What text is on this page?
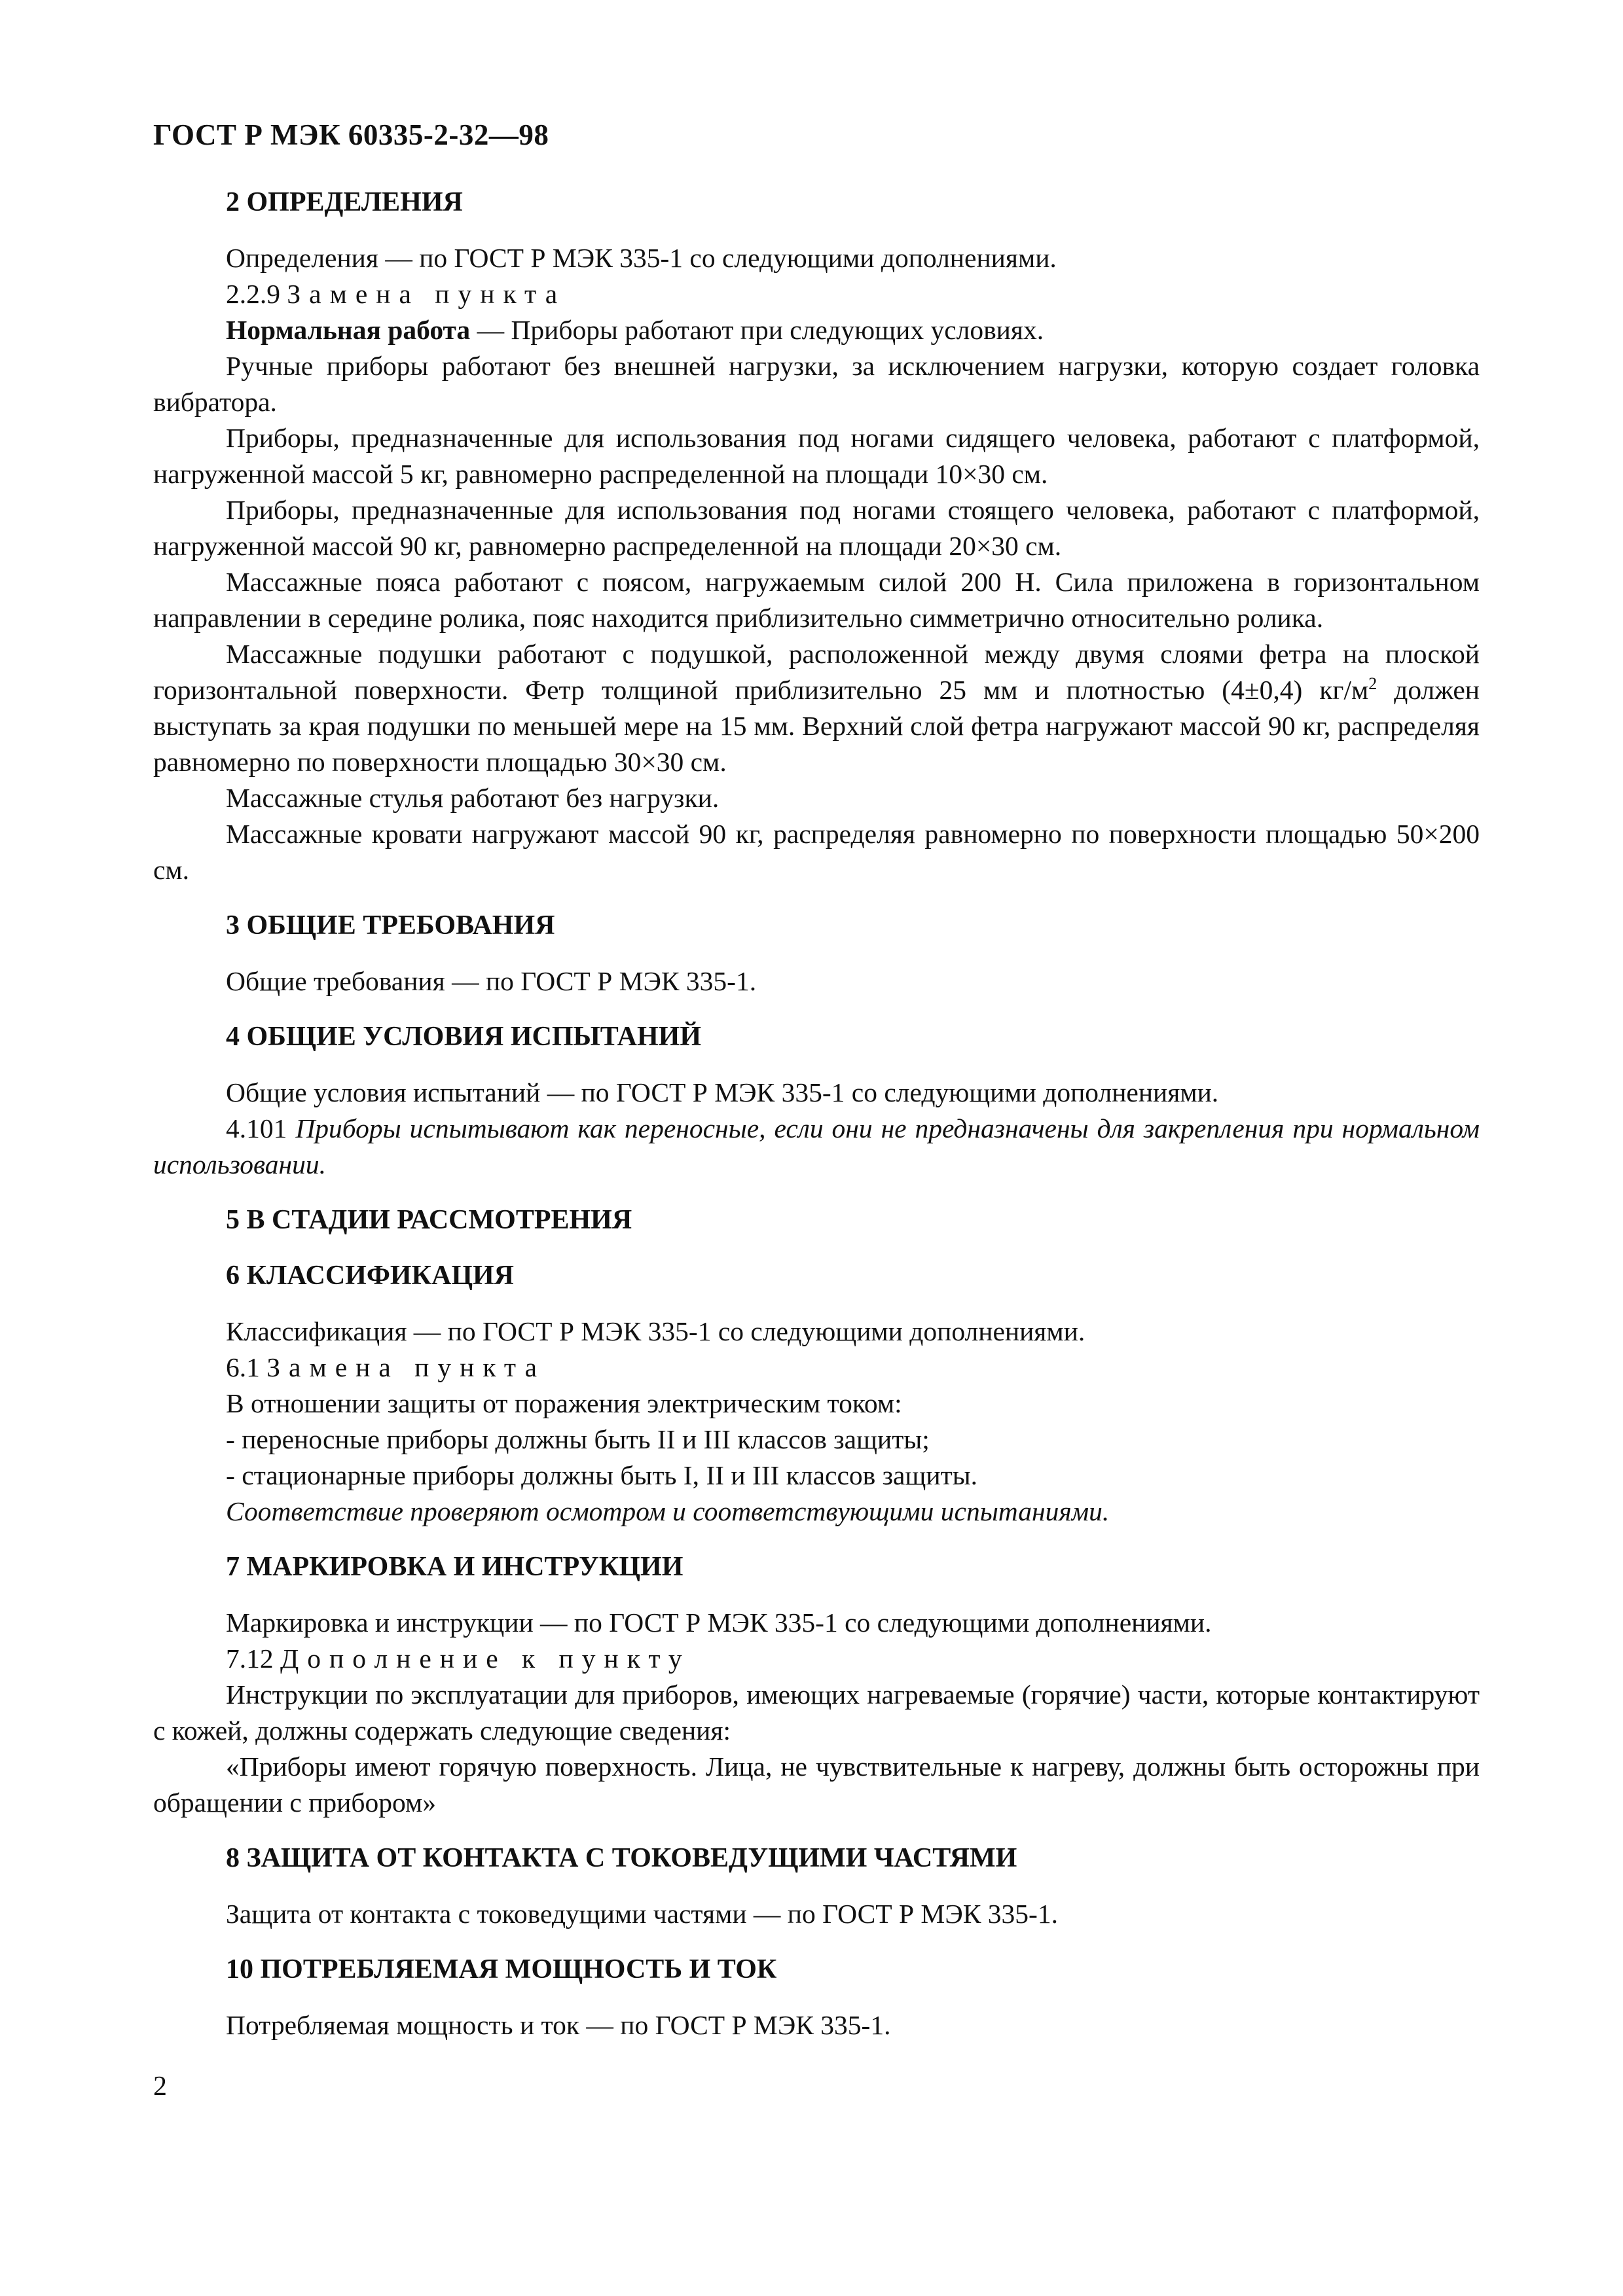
ГОСТ Р МЭК 60335-2-32—98
2 ОПРЕДЕЛЕНИЯ

Определения — по ГОСТ Р МЭК 335-1 со следующими дополнениями.

2.2.9 Замена пункта

Нормальная работа — Приборы работают при следующих условиях.

Ручные приборы работают без внешней нагрузки, за исключением нагрузки, которую создает головка вибратора.

Приборы, предназначенные для использования под ногами сидящего человека, работают с платформой, нагруженной массой 5 кг, равномерно распределенной на площади 10×30 см.

Приборы, предназначенные для использования под ногами стоящего человека, работают с платформой, нагруженной массой 90 кг, равномерно распределенной на площади 20×30 см.

Массажные пояса работают с поясом, нагружаемым силой 200 Н. Сила приложена в горизонтальном направлении в середине ролика, пояс находится приблизительно симметрично относительно ролика.

Массажные подушки работают с подушкой, расположенной между двумя слоями фетра на плоской горизонтальной поверхности. Фетр толщиной приблизительно 25 мм и плотностью (4±0,4) $кг/м^2$ должен выступать за края подушки по меньшей мере на 15 мм. Верхний слой фетра нагружают массой 90 кг, распределяя равномерно по поверхности площадью 30×30 см.

Массажные стулья работают без нагрузки.

Массажные кровати нагружают массой 90 кг, распределяя равномерно по поверхности площадью 50×200 см.

3 ОБЩИЕ ТРЕБОВАНИЯ

Общие требования — по ГОСТ Р МЭК 335-1.

4 ОБЩИЕ УСЛОВИЯ ИСПЫТАНИЙ

Общие условия испытаний — по ГОСТ Р МЭК 335-1 со следующими дополнениями.

4.101 Приборы испытывают как переносные, если они не предназначены для закрепления при нормальном использовании.

5 В СТАДИИ РАССМОТРЕНИЯ
6 КЛАССИФИКАЦИЯ

Классификация — по ГОСТ Р МЭК 335-1 со следующими дополнениями.

6.1 Замена пункта

В отношении защиты от поражения электрическим током:

- переносные приборы должны быть II и III классов защиты;

- стационарные приборы должны быть I, II и III классов защиты.

Соответствие проверяют осмотром и соответствующими испытаниями.

7 МАРКИРОВКА И ИНСТРУКЦИИ

Маркировка и инструкции — по ГОСТ Р МЭК 335-1 со следующими дополнениями.

7.12 Дополнение к пункту

Инструкции по эксплуатации для приборов, имеющих нагреваемые (горячие) части, которые контактируют с кожей, должны содержать следующие сведения:

«Приборы имеют горячую поверхность. Лица, не чувствительные к нагреву, должны быть осторожны при обращении с прибором»

8 ЗАЩИТА ОТ КОНТАКТА С ТОКОВЕДУЩИМИ ЧАСТЯМИ

Защита от контакта с токоведущими частями — по ГОСТ Р МЭК 335-1.

10 ПОТРЕБЛЯЕМАЯ МОЩНОСТЬ И ТОК

Потребляемая мощность и ток — по ГОСТ Р МЭК 335-1.

2
